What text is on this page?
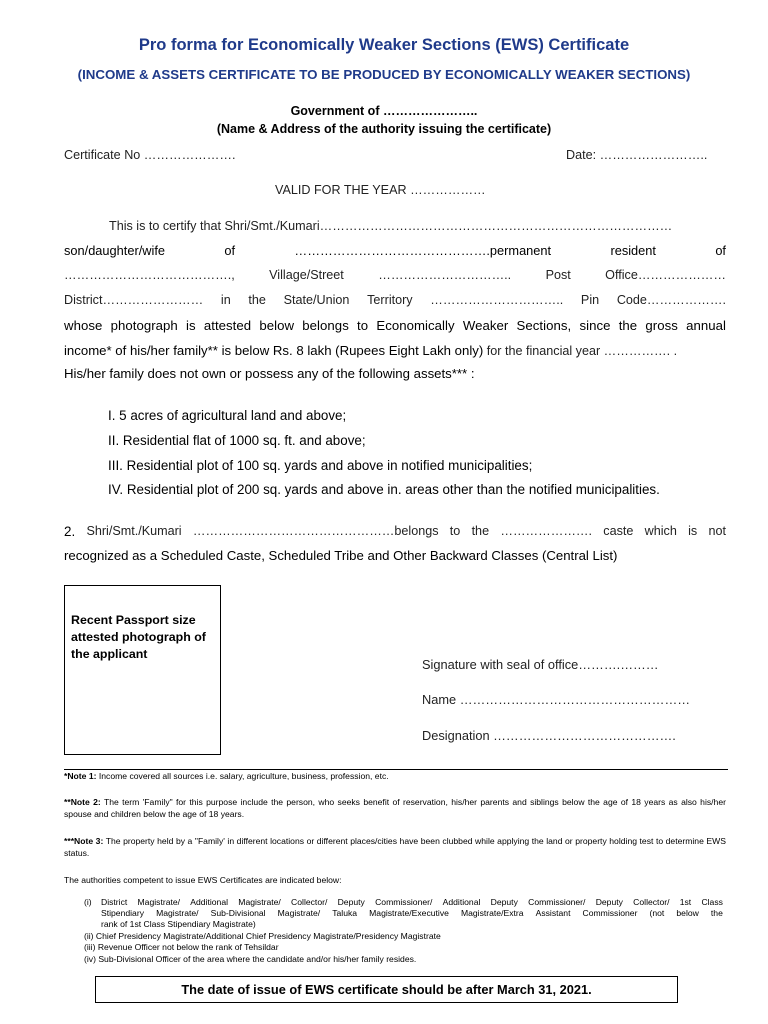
Pro forma for Economically Weaker Sections (EWS) Certificate
(INCOME & ASSETS CERTIFICATE TO BE PRODUCED BY ECONOMICALLY WEAKER SECTIONS)
Government of …………………..
(Name & Address of the authority issuing the certificate)
Certificate No ………………….	Date: ……………………..
VALID FOR THE YEAR ………………
This is to certify that Shri/Smt./Kumari…………………………………………………………………………
son/daughter/wife	of	……………………………………….permanent	resident	of
………………………………….,	Village/Street	…………………………..	Post	Office…………………
District…………………… in the State/Union Territory ………………………….. Pin Code……………….
whose photograph is attested below belongs to Economically Weaker Sections, since the gross annual
income* of his/her family** is below Rs. 8 lakh (Rupees Eight Lakh only) for the financial year ……………. .
His/her family does not own or possess any of the following assets*** :
I. 5 acres of agricultural land and above;
II. Residential flat of 1000 sq. ft. and above;
III. Residential plot of 100 sq. yards and above in notified municipalities;
IV. Residential plot of 200 sq. yards and above in. areas other than the notified municipalities.
2. Shri/Smt./Kumari …………………………………………belongs to the …………………. caste which is not
recognized as a Scheduled Caste, Scheduled Tribe and Other Backward Classes (Central List)
Recent Passport size attested photograph of the applicant
Signature with seal of office……….………
Name ………………………………………………
Designation …………………………………….
*Note 1: Income covered all sources i.e. salary, agriculture, business, profession, etc.
**Note 2: The term 'Family" for this purpose include the person, who seeks benefit of reservation, his/her parents and siblings below the age of 18 years as also his/her spouse and children below the age of 18 years.
***Note 3: The property held by a "Family' in different locations or different places/cities have been clubbed while applying the land or property holding test to determine EWS status.
The authorities competent to issue EWS Certificates are indicated below:
(i) District Magistrate/ Additional Magistrate/ Collector/ Deputy Commissioner/ Additional Deputy Commissioner/ Deputy Collector/ 1st Class
Stipendiary Magistrate/ Sub-Divisional Magistrate/ Taluka Magistrate/Executive Magistrate/Extra Assistant Commissioner (not below the
rank of 1st Class Stipendiary Magistrate)
(ii) Chief Presidency Magistrate/Additional Chief Presidency Magistrate/Presidency Magistrate
(iii) Revenue Officer not below the rank of Tehsildar
(iv) Sub-Divisional Officer of the area where the candidate and/or his/her family resides.
The date of issue of EWS certificate should be after March 31, 2021.
